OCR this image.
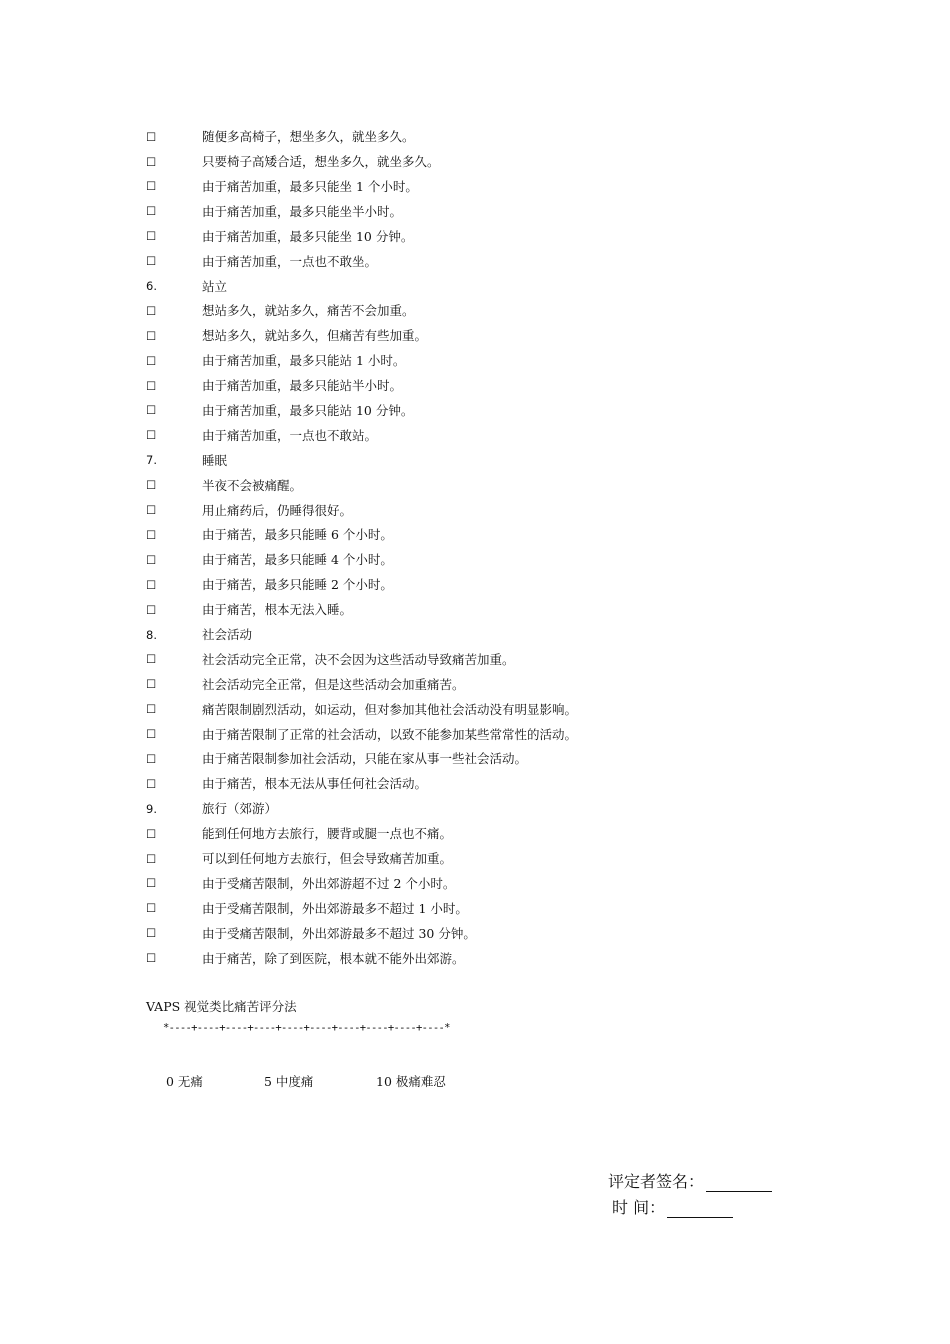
☐	随便多高椅子，想坐多久，就坐多久。
☐	只要椅子高矮合适，想坐多久，就坐多久。
☐	由于痛苦加重，最多只能坐 1 个小时。
☐	由于痛苦加重，最多只能坐半小时。
☐	由于痛苦加重，最多只能坐 10 分钟。
☐	由于痛苦加重，一点也不敢坐。
6.	站立
☐	想站多久，就站多久，痛苦不会加重。
☐	想站多久，就站多久，但痛苦有些加重。
☐	由于痛苦加重，最多只能站 1 小时。
☐	由于痛苦加重，最多只能站半小时。
☐	由于痛苦加重，最多只能站 10 分钟。
☐	由于痛苦加重，一点也不敢站。
7.	睡眠
☐	半夜不会被痛醒。
☐	用止痛药后，仍睡得很好。
☐	由于痛苦，最多只能睡 6 个小时。
☐	由于痛苦，最多只能睡 4 个小时。
☐	由于痛苦，最多只能睡 2 个小时。
☐	由于痛苦，根本无法入睡。
8.	社会活动
☐	社会活动完全正常，决不会因为这些活动导致痛苦加重。
☐	社会活动完全正常，但是这些活动会加重痛苦。
☐	痛苦限制剧烈活动，如运动，但对参加其他社会活动没有明显影响。
☐	由于痛苦限制了正常的社会活动，以致不能参加某些常常性的活动。
☐	由于痛苦限制参加社会活动，只能在家从事一些社会活动。
☐	由于痛苦，根本无法从事任何社会活动。
9.	旅行（郊游）
☐	能到任何地方去旅行，腰背或腿一点也不痛。
☐	可以到任何地方去旅行，但会导致痛苦加重。
☐	由于受痛苦限制，外出郊游超不过 2 个小时。
☐	由于受痛苦限制，外出郊游最多不超过 1 小时。
☐	由于受痛苦限制，外出郊游最多不超过 30 分钟。
☐	由于痛苦，除了到医院，根本就不能外出郊游。
VAPS 视觉类比痛苦评分法
*----+----+----+----+----+----+----+----+----+----*
0 无痛	5 中度痛	10 极痛难忍
评定者签名：
时 间：
